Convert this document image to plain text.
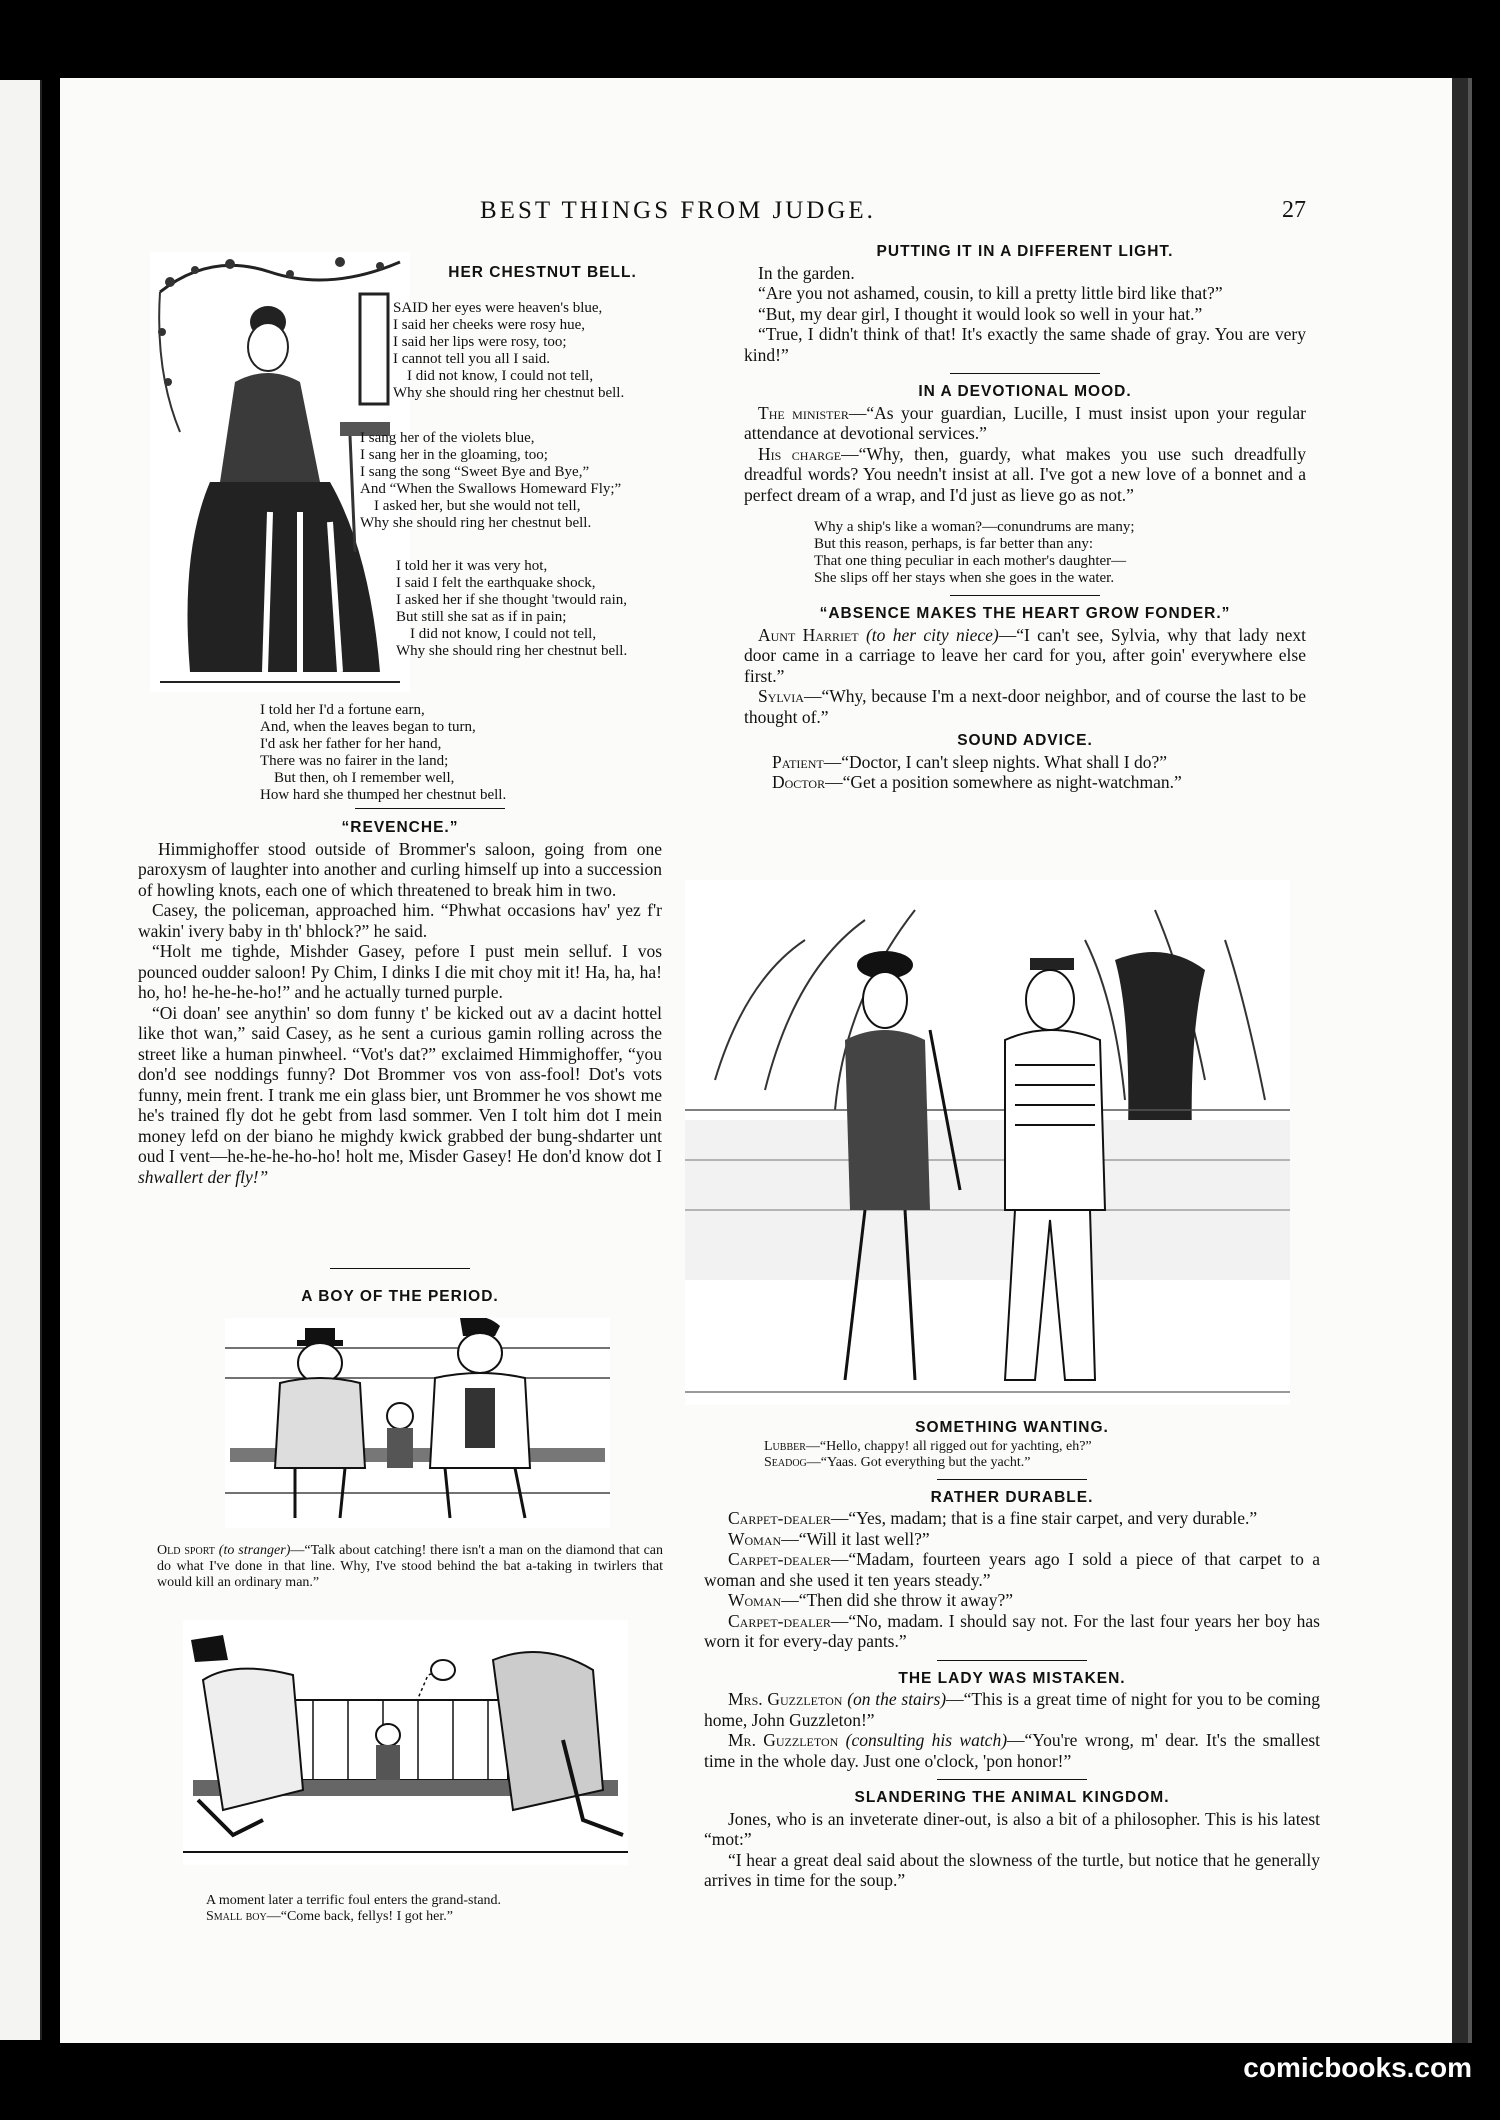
BEST THINGS FROM JUDGE.	27
HER CHESTNUT BELL.
SAID her eyes were heaven's blue,
I said her cheeks were rosy hue,
I said her lips were rosy, too;
I cannot tell you all I said.
I did not know, I could not tell,
Why she should ring her chestnut bell.
I sang her of the violets blue,
I sang her in the gloaming, too;
I sang the song “Sweet Bye and Bye,”
And “When the Swallows Homeward Fly;”
I asked her, but she would not tell,
Why she should ring her chestnut bell.
I told her it was very hot,
I said I felt the earthquake shock,
I asked her if she thought 'twould rain,
But still she sat as if in pain;
I did not know, I could not tell,
Why she should ring her chestnut bell.
I told her I'd a fortune earn,
And, when the leaves began to turn,
I'd ask her father for her hand,
There was no fairer in the land;
But then, oh I remember well,
How hard she thumped her chestnut bell.
“REVENCHE.”

Himmighoffer stood outside of Brommer's saloon, going from one paroxysm of laughter into another and curling himself up into a succession of howling knots, each one of which threatened to break him in two.

Casey, the policeman, approached him. “Phwhat occasions hav' yez f'r wakin' ivery baby in th' bhlock?” he said.

“Holt me tighde, Mishder Gasey, pefore I pust mein selluf. I vos pounced oudder saloon! Py Chim, I dinks I die mit choy mit it! Ha, ha, ha! ho, ho! he-he-he-ho!” and he actually turned purple.

“Oi doan' see anythin' so dom funny t' be kicked out av a dacint hottel like thot wan,” said Casey, as he sent a curious gamin rolling across the street like a human pinwheel. “Vot's dat?” exclaimed Himmighoffer, “you don'd see noddings funny? Dot Brommer vos von ass-fool! Dot's vots funny, mein frent. I trank me ein glass bier, unt Brommer he vos showt me he's trained fly dot he gebt from lasd sommer. Ven I tolt him dot I mein money lefd on der biano he mighdy kwick grabbed der bung-shdarter unt oud I vent—he-he-he-ho-ho! holt me, Misder Gasey! He don'd know dot I shwallert der fly!”

A BOY OF THE PERIOD.
Old sport (to stranger)—“Talk about catching! there isn't a man on the diamond that can do what I've done in that line. Why, I've stood behind the bat a-taking in twirlers that would kill an ordinary man.”
A moment later a terrific foul enters the grand-stand.
Small boy—“Come back, fellys! I got her.”
PUTTING IT IN A DIFFERENT LIGHT.

In the garden.

“Are you not ashamed, cousin, to kill a pretty little bird like that?”

“But, my dear girl, I thought it would look so well in your hat.”

“True, I didn't think of that! It's exactly the same shade of gray. You are very kind!”

IN A DEVOTIONAL MOOD.

The minister—“As your guardian, Lucille, I must insist upon your regular attendance at devotional services.”

His charge—“Why, then, guardy, what makes you use such dreadfully dreadful words? You needn't insist at all. I've got a new love of a bonnet and a perfect dream of a wrap, and I'd just as lieve go as not.”

Why a ship's like a woman?—conundrums are many;
But this reason, perhaps, is far better than any:
That one thing peculiar in each mother's daughter—
She slips off her stays when she goes in the water.
“ABSENCE MAKES THE HEART GROW FONDER.”

Aunt Harriet (to her city niece)—“I can't see, Sylvia, why that lady next door came in a carriage to leave her card for you, after goin' everywhere else first.”

Sylvia—“Why, because I'm a next-door neighbor, and of course the last to be thought of.”

SOUND ADVICE.

Patient—“Doctor, I can't sleep nights. What shall I do?”

Doctor—“Get a position somewhere as night-watchman.”

SOMETHING WANTING.
Lubber—“Hello, chappy! all rigged out for yachting, eh?”
Seadog—“Yaas. Got everything but the yacht.”
RATHER DURABLE.

Carpet-dealer—“Yes, madam; that is a fine stair carpet, and very durable.”

Woman—“Will it last well?”

Carpet-dealer—“Madam, fourteen years ago I sold a piece of that carpet to a woman and she used it ten years steady.”

Woman—“Then did she throw it away?”

Carpet-dealer—“No, madam. I should say not. For the last four years her boy has worn it for every-day pants.”

THE LADY WAS MISTAKEN.

Mrs. Guzzleton (on the stairs)—“This is a great time of night for you to be coming home, John Guzzleton!”

Mr. Guzzleton (consulting his watch)—“You're wrong, m' dear. It's the smallest time in the whole day. Just one o'clock, 'pon honor!”

SLANDERING THE ANIMAL KINGDOM.

Jones, who is an inveterate diner-out, is also a bit of a philosopher. This is his latest “mot:”

“I hear a great deal said about the slowness of the turtle, but notice that he generally arrives in time for the soup.”

comicbooks.com
